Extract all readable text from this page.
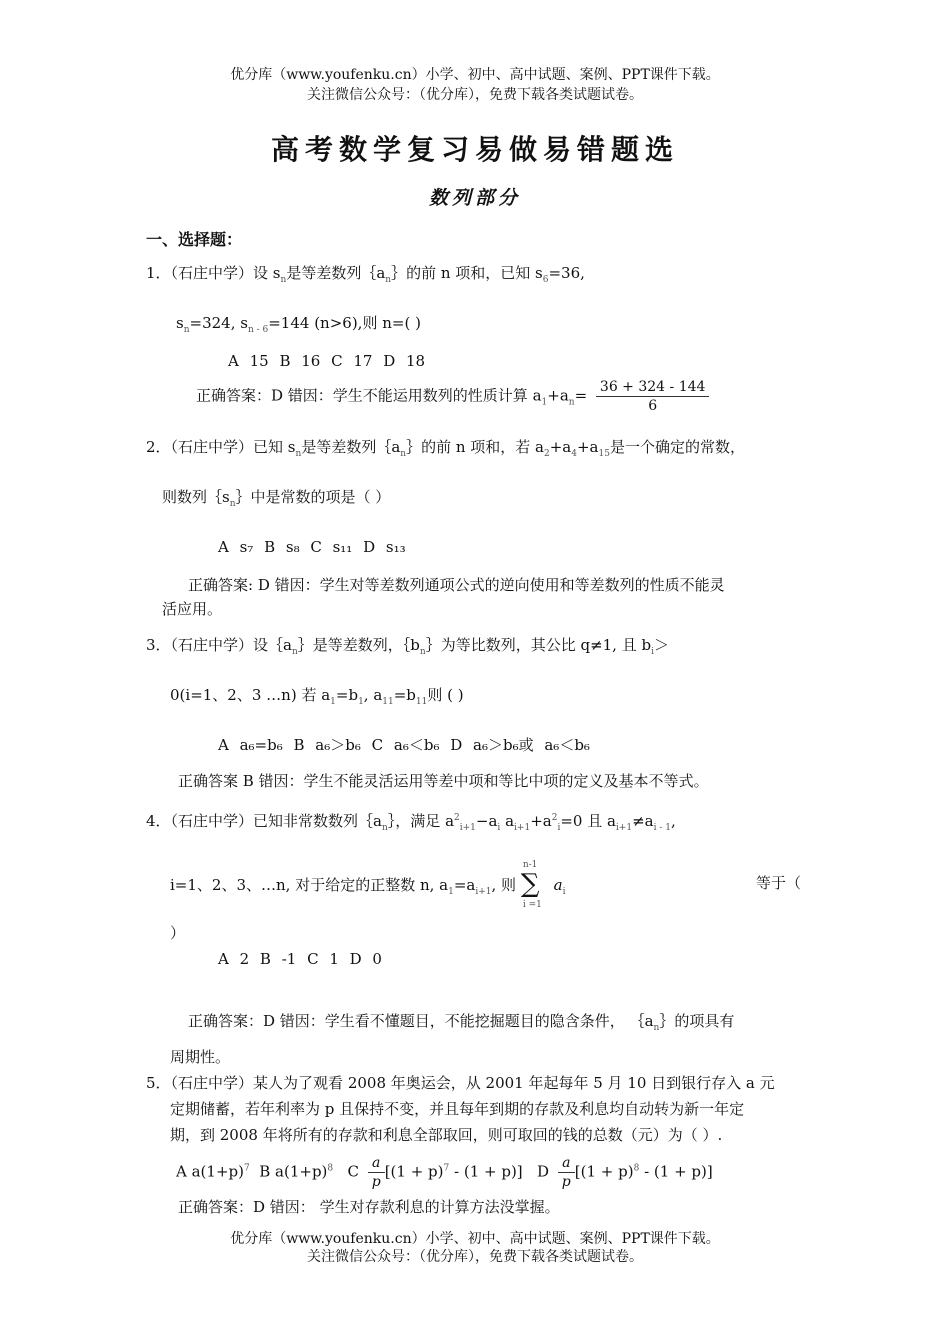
优分库（www.youfenku.cn）小学、初中、高中试题、案例、PPT课件下载。
关注微信公众号：（优分库），免费下载各类试题试卷。
高考数学复习易做易错题选
数列部分
一、选择题：
1．（石庄中学）设 $s_n$是等差数列$\{a_n\}$的前 n 项和，已知 $s_6=36$,
$s_n=324$, $s_{n - 6}=144$ (n>6),则 n=( )
A 15 B 16 C 17 D 18
正确答案：D 错因：学生不能运用数列的性质计算 $a_1+a_n= \frac{36 + 324 - 144}{6}$
2．（石庄中学）已知 $s_n$是等差数列$\{a_n\}$的前 n 项和，若 $a_2+a_4+a_{15}$是一个确定的常数，
则数列$\{s_n\}$中是常数的项是（ ）
A s₇ B s₈ C s₁₁ D s₁₃
正确答案: D 错因：学生对等差数列通项公式的逆向使用和等差数列的性质不能灵
活应用。
3．（石庄中学）设$\{a_n\}$是等差数列，$\{b_n\}$为等比数列，其公比 q≠1, 且 $b_i>$
0(i=1、2、3 …n) 若 $a_1=b_1$, $a_{11}=b_{11}$则 ( )
A a₆=b₆ B a₆＞b₆ C a₆＜b₆ D a₆＞b₆或 a₆＜b₆
正确答案 B 错因：学生不能灵活运用等差中项和等比中项的定义及基本不等式。
4．（石庄中学）已知非常数数列$\{a_n\}$，满足 $a^2_{i+1}-a_i$ $a_{i+1}+a^2_i=0$ 且 $a_{i+1}\ne a_{i - 1}$,
i=1、2、3、…n, 对于给定的正整数 n, $a_1=a_{i+1}$, 则
n-1
∑
i =1
$a_i$	等于（
）
A 2 B -1 C 1 D 0
正确答案：D 错因：学生看不懂题目，不能挖掘题目的隐含条件， $\{a_n\}$的项具有
周期性。
5．（石庄中学）某人为了观看 2008 年奥运会，从 2001 年起每年 5 月 10 日到银行存入 a 元
定期储蓄，若年利率为 p 且保持不变，并且每年到期的存款及利息均自动转为新一年定
期，到 2008 年将所有的存款和利息全部取回，则可取回的钱的总数（元）为（ ）.
A $a(1+p)^7$ B $a(1+p)^8$ C $\frac{a}{p} [(1 + p)^7 - (1 + p)]$ D $\frac{a}{p} [(1 + p)^8 - (1 + p)]$
正确答案：D 错因： 学生对存款利息的计算方法没掌握。
优分库（www.youfenku.cn）小学、初中、高中试题、案例、PPT课件下载。
关注微信公众号：（优分库），免费下载各类试题试卷。
